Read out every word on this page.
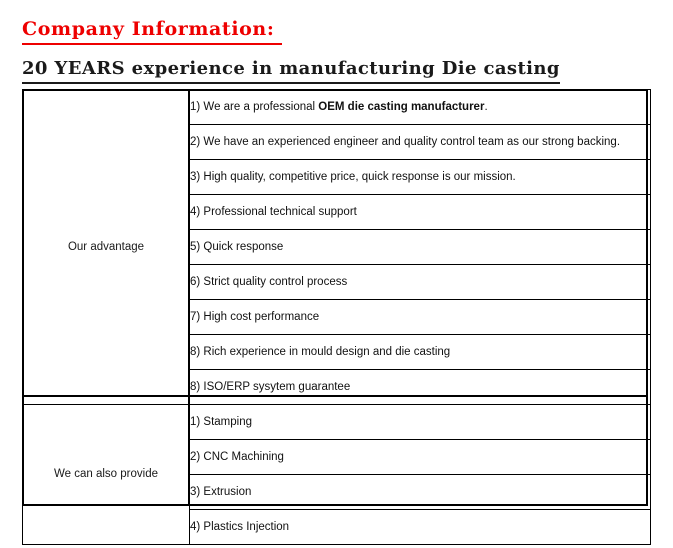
Company Information:
20 YEARS experience in manufacturing Die casting
Our advantage	1) We are a professional OEM die casting manufacturer.
	2) We have an experienced engineer and quality control team as our strong backing.
	3) High quality, competitive price, quick response is our mission.
	4) Professional technical support
	5) Quick response
	6) Strict quality control process
	7) High cost performance
	8) Rich experience in mould design and die casting
	8) ISO/ERP sysytem guarantee
We can also provide	1) Stamping
	2) CNC Machining
	3) Extrusion
	4) Plastics Injection
